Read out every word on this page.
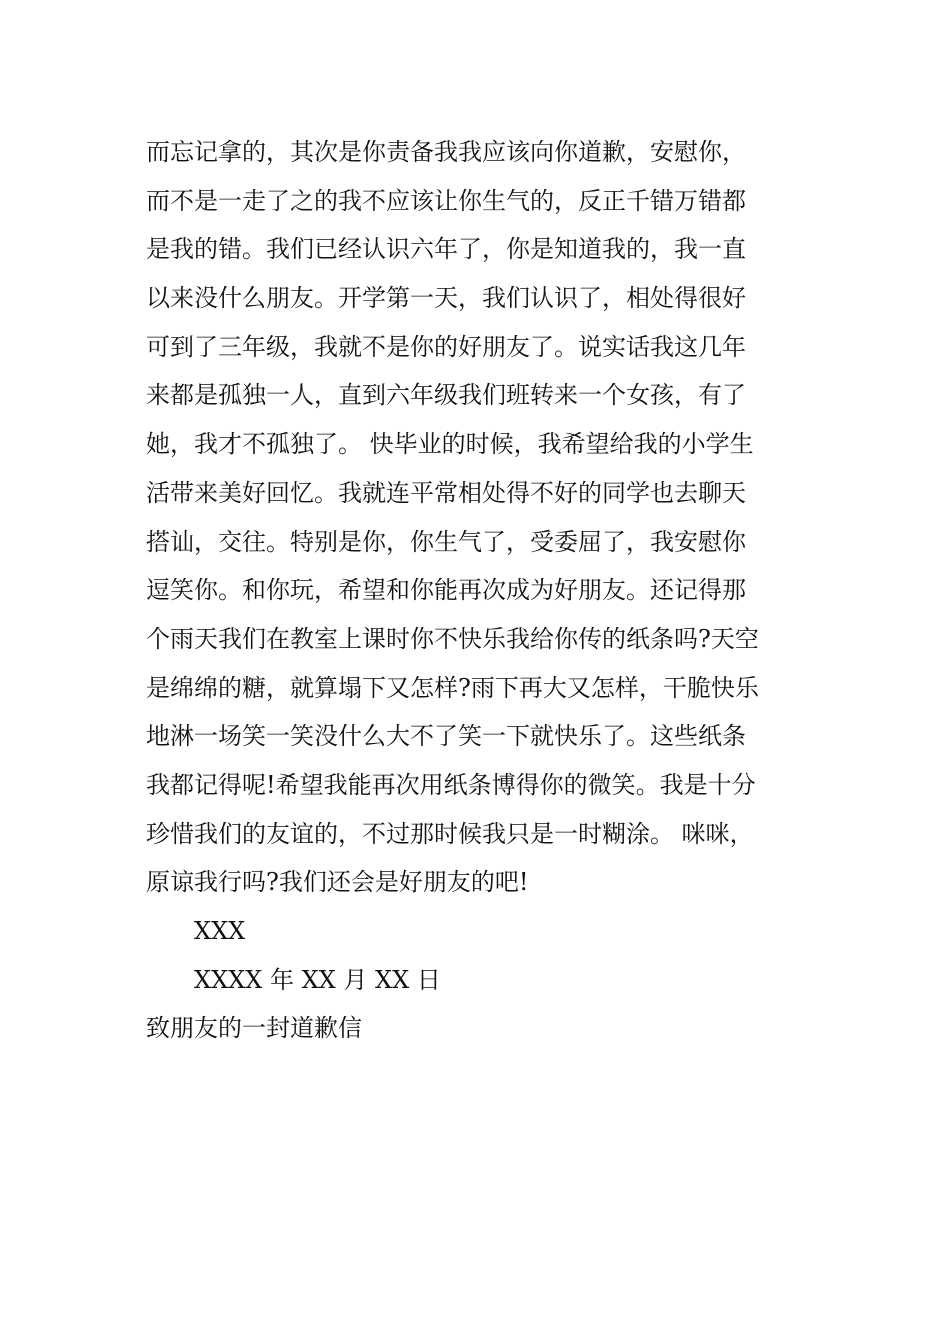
而忘记拿的，其次是你责备我我应该向你道歉，安慰你，
而不是一走了之的我不应该让你生气的，反正千错万错都
是我的错。我们已经认识六年了，你是知道我的，我一直
以来没什么朋友。开学第一天，我们认识了，相处得很好
可到了三年级，我就不是你的好朋友了。说实话我这几年
来都是孤独一人，直到六年级我们班转来一个女孩，有了
她，我才不孤独了。 快毕业的时候，我希望给我的小学生
活带来美好回忆。我就连平常相处得不好的同学也去聊天
搭讪，交往。特别是你，你生气了，受委屈了，我安慰你
逗笑你。和你玩，希望和你能再次成为好朋友。还记得那
个雨天我们在教室上课时你不快乐我给你传的纸条吗?天空
是绵绵的糖，就算塌下又怎样?雨下再大又怎样，干脆快乐
地淋一场笑一笑没什么大不了笑一下就快乐了。这些纸条
我都记得呢!希望我能再次用纸条博得你的微笑。我是十分
珍惜我们的友谊的，不过那时候我只是一时糊涂。 咪咪，
原谅我行吗?我们还会是好朋友的吧!
XXX
XXXX 年 XX 月 XX 日
致朋友的一封道歉信
